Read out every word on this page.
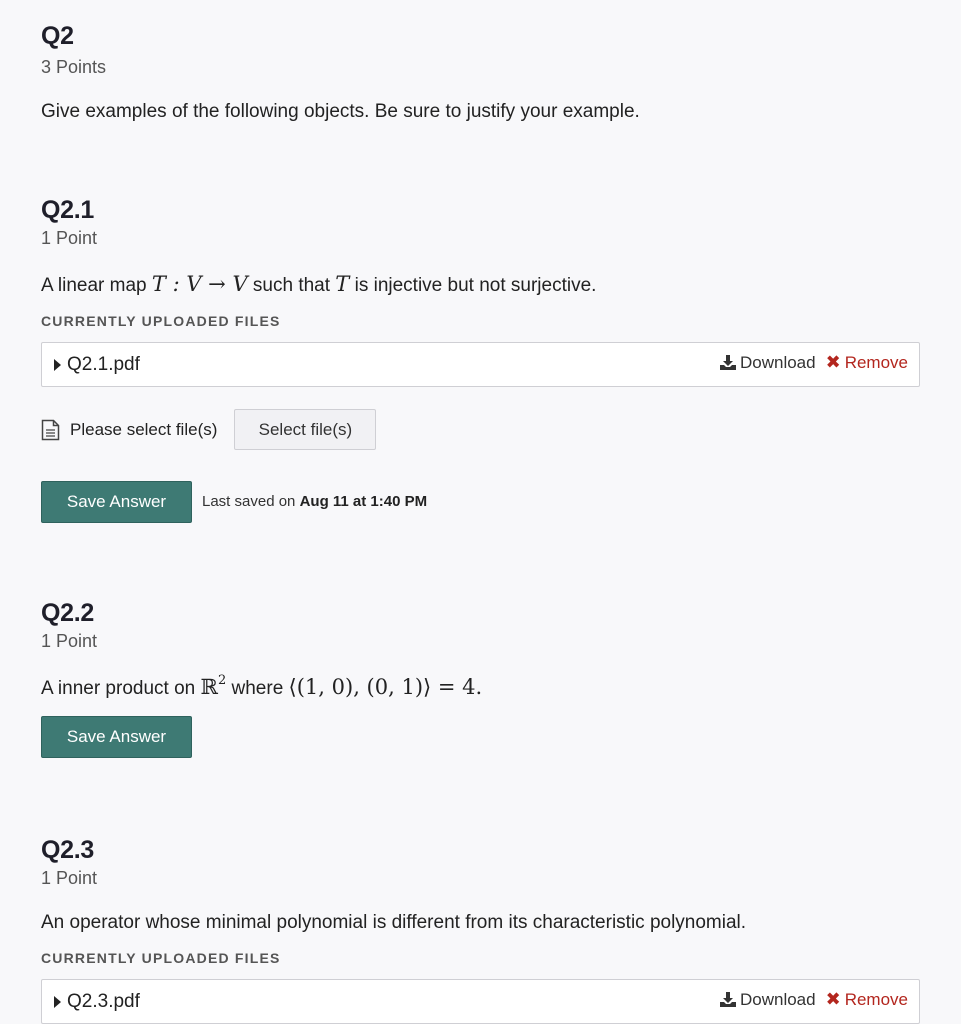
Q2
3 Points
Give examples of the following objects. Be sure to justify your example.
Q2.1
1 Point
A linear map T : V → V such that T is injective but not surjective.
CURRENTLY UPLOADED FILES
Q2.1.pdf	Download ✖ Remove
Please select file(s)	Select file(s)
Save Answer	Last saved on Aug 11 at 1:40 PM
Q2.2
1 Point
A inner product on ℝ$^2$ where ⟨(1, 0), (0, 1)⟩ = 4.
Save Answer
Q2.3
1 Point
An operator whose minimal polynomial is different from its characteristic polynomial.
CURRENTLY UPLOADED FILES
Q2.3.pdf	Download ✖ Remove
